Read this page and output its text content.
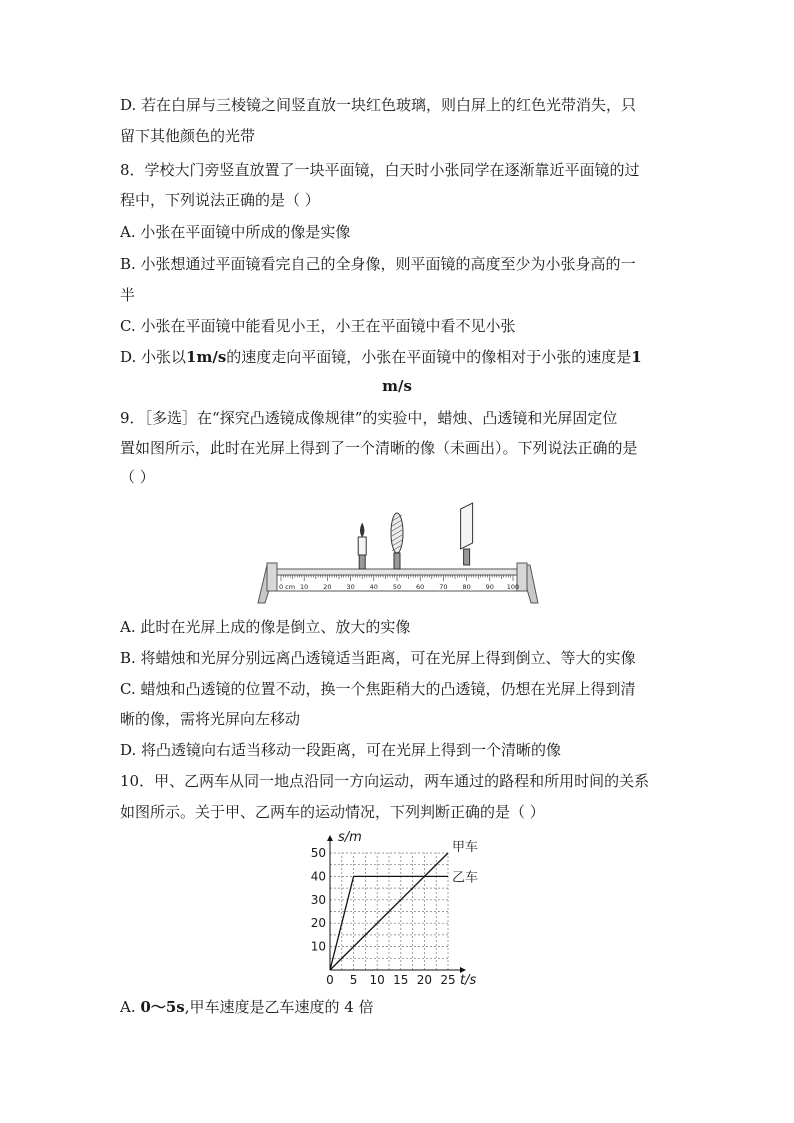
D. 若在白屏与三棱镜之间竖直放一块红色玻璃，则白屏上的红色光带消失，只
留下其他颜色的光带
8．学校大门旁竖直放置了一块平面镜，白天时小张同学在逐渐靠近平面镜的过
程中，下列说法正确的是（ ）
A. 小张在平面镜中所成的像是实像
B. 小张想通过平面镜看完自己的全身像，则平面镜的高度至少为小张身高的一
半
C. 小张在平面镜中能看见小王，小王在平面镜中看不见小张
D. 小张以1m/s的速度走向平面镜，小张在平面镜中的像相对于小张的速度是1
m/s
9．［多选］在“探究凸透镜成像规律”的实验中，蜡烛、凸透镜和光屏固定位
置如图所示，此时在光屏上得到了一个清晰的像（未画出）。下列说法正确的是
（ ）
0 cm 10 20 30 40 50 60 70 80 90 100
A. 此时在光屏上成的像是倒立、放大的实像
B. 将蜡烛和光屏分别远离凸透镜适当距离，可在光屏上得到倒立、等大的实像
C. 蜡烛和凸透镜的位置不动，换一个焦距稍大的凸透镜，仍想在光屏上得到清
晰的像，需将光屏向左移动
D. 将凸透镜向右适当移动一段距离，可在光屏上得到一个清晰的像
10．甲、乙两车从同一地点沿同一方向运动，两车通过的路程和所用时间的关系
如图所示。关于甲、乙两车的运动情况，下列判断正确的是（ ）
0 5 10 15 20 25
10
20
30
40
50	甲车
乙车
s/m
t/s
A. 0～5s,甲车速度是乙车速度的 4 倍
